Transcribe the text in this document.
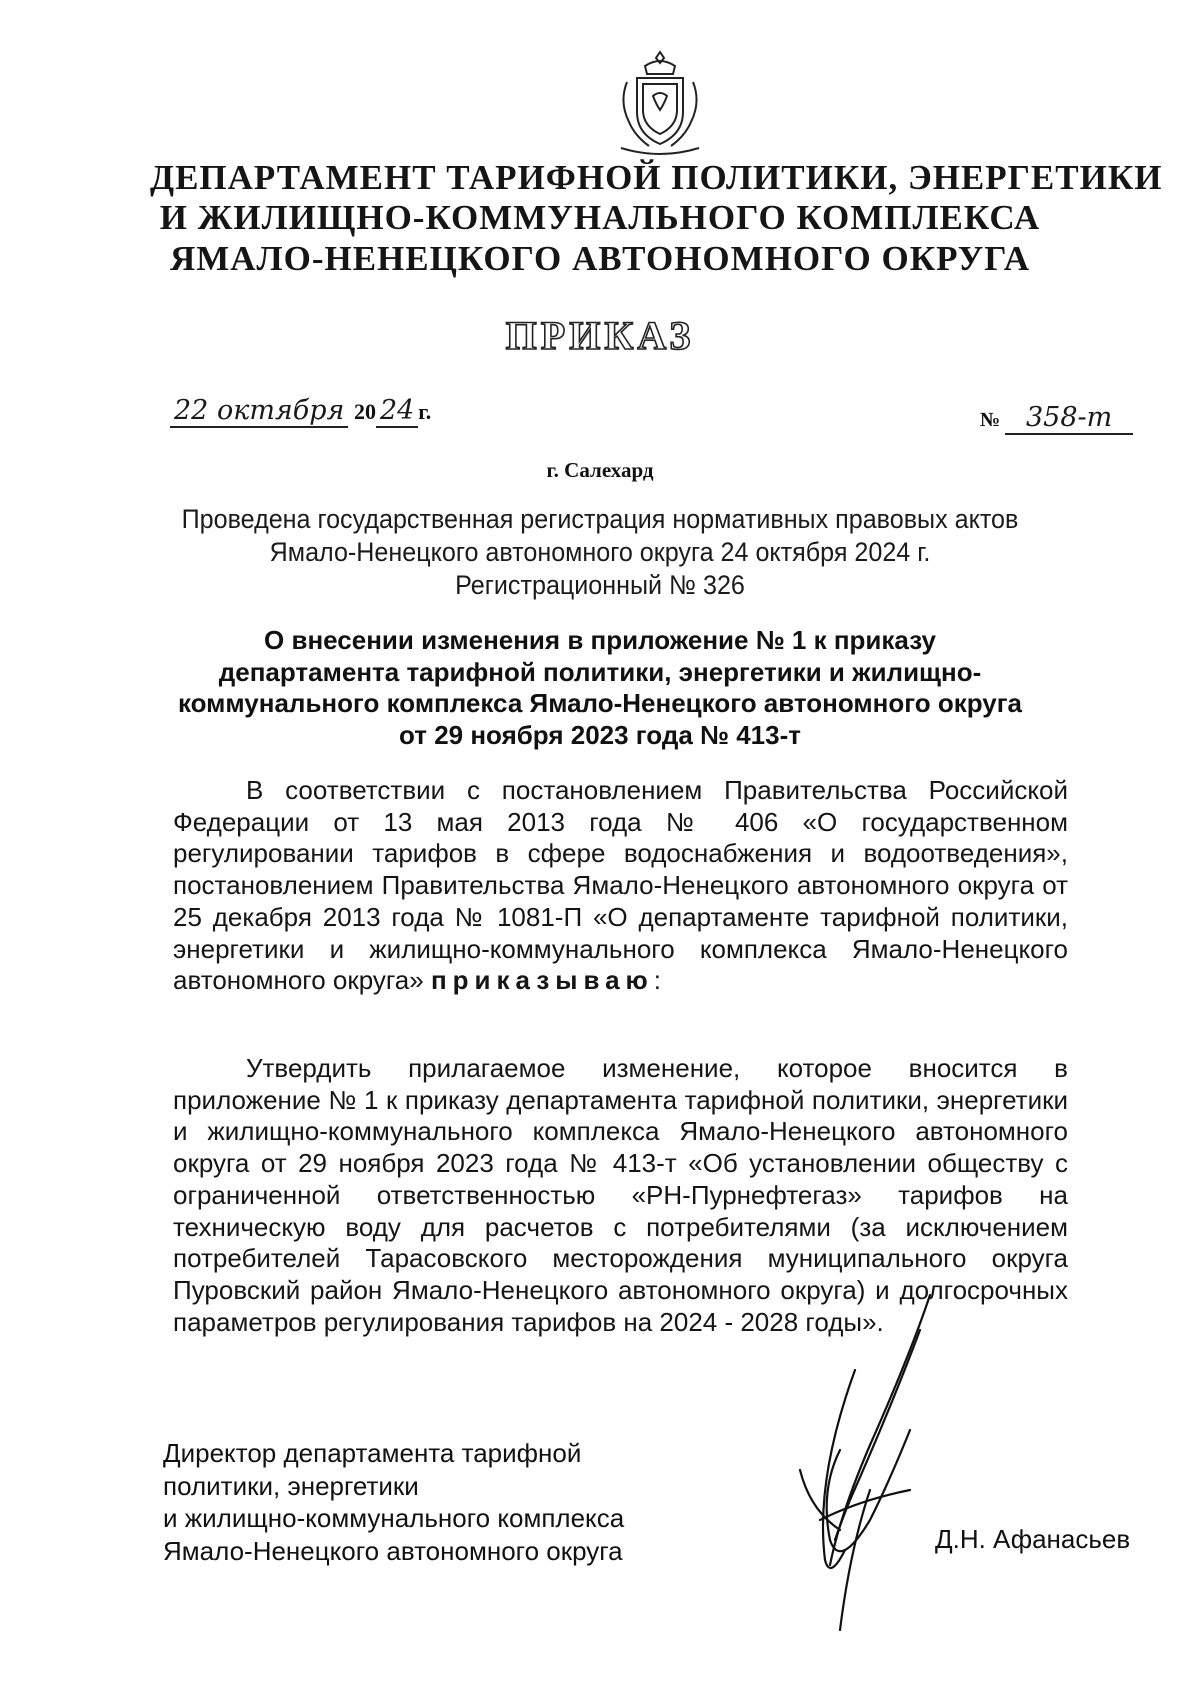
ДЕПАРТАМЕНТ ТАРИФНОЙ ПОЛИТИКИ, ЭНЕРГЕТИКИ
И ЖИЛИЩНО-КОММУНАЛЬНОГО КОМПЛЕКСА
ЯМАЛО-НЕНЕЦКОГО АВТОНОМНОГО ОКРУГА
ПРИКАЗ
22 октября 20 24 г.	№ 358-т
г. Салехард
Проведена государственная регистрация нормативных правовых актов
Ямало-Ненецкого автономного округа 24 октября 2024 г.
Регистрационный № 326
О внесении изменения в приложение № 1 к приказу
департамента тарифной политики, энергетики и жилищно-
коммунального комплекса Ямало-Ненецкого автономного округа
от 29 ноября 2023 года № 413-т
В соответствии с постановлением Правительства Российской Федерации от 13 мая 2013 года № 406 «О государственном регулировании тарифов в сфере водоснабжения и водоотведения», постановлением Правительства Ямало-Ненецкого автономного округа от 25 декабря 2013 года № 1081-П «О департаменте тарифной политики, энергетики и жилищно-коммунального комплекса Ямало-Ненецкого автономного округа» приказываю:
Утвердить прилагаемое изменение, которое вносится в приложение № 1 к приказу департамента тарифной политики, энергетики и жилищно-коммунального комплекса Ямало-Ненецкого автономного округа от 29 ноября 2023 года № 413-т «Об установлении обществу с ограниченной ответственностью «РН-Пурнефтегаз» тарифов на техническую воду для расчетов с потребителями (за исключением потребителей Тарасовского месторождения муниципального округа Пуровский район Ямало-Ненецкого автономного округа) и долгосрочных параметров регулирования тарифов на 2024 - 2028 годы».
Директор департамента тарифной
политики, энергетики
и жилищно-коммунального комплекса
Ямало-Ненецкого автономного округа	Д.Н. Афанасьев
